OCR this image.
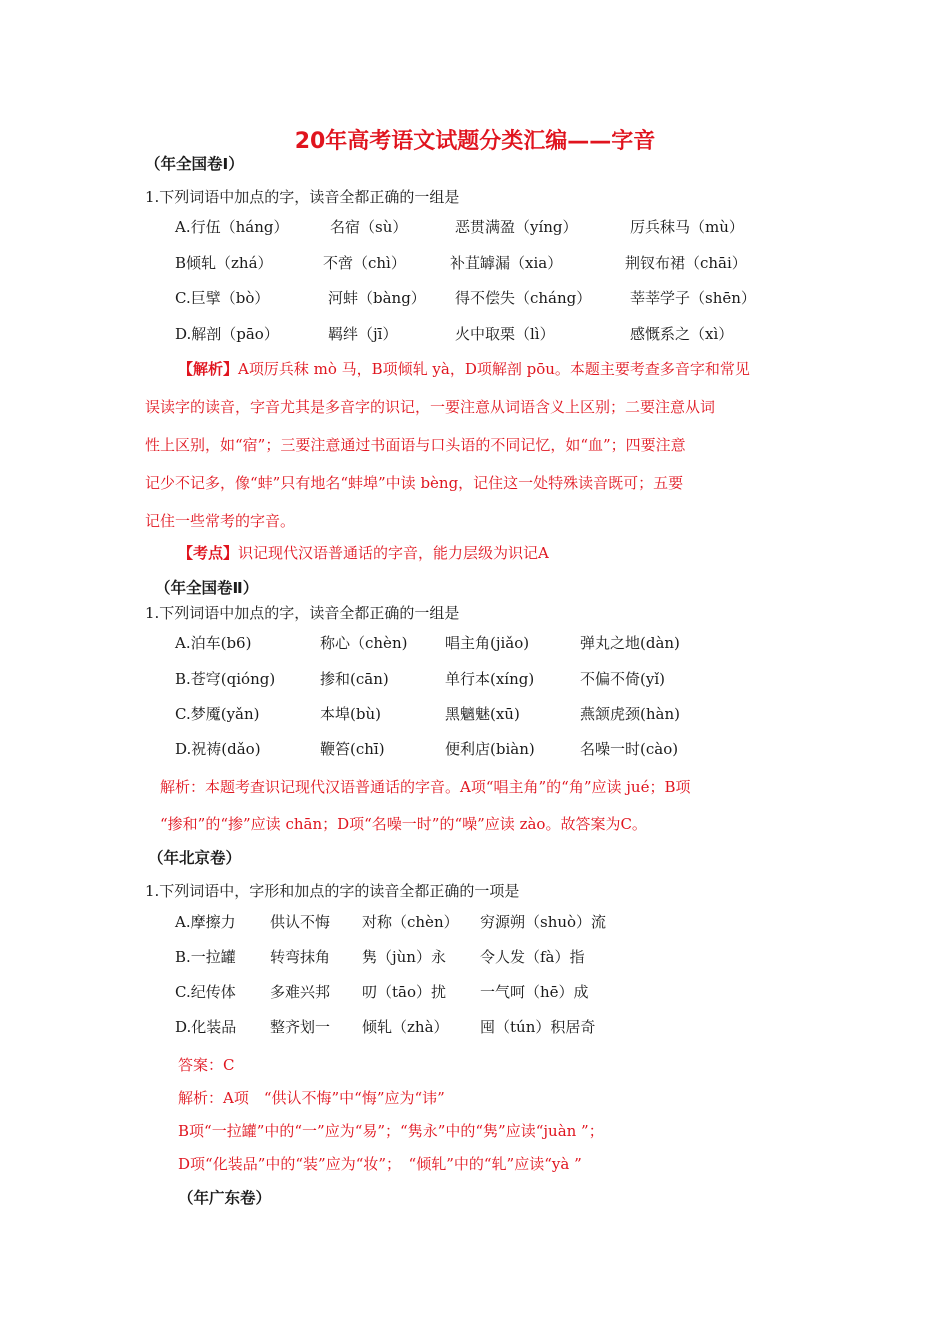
20年高考语文试题分类汇编——字音
（年全国卷Ⅰ）
1.下列词语中加点的字，读音全都正确的一组是
A.行伍（háng）	名宿（sù）	恶贯满盈（yíng）	厉兵秣马（mù）
B倾轧（zhá）	不啻（chì）	补苴罅漏（xia）	荆钗布裙（chāi）
C.巨擘（bò）	河蚌（bàng） 得不偿失（cháng）	莘莘学子（shēn）
D.解剖（pāo）	羁绊（jī）	火中取栗（lì）	感慨系之（xì）
【解析】A项厉兵秣 mò 马，B项倾轧 yà，D项解剖 pōu。本题主要考查多音字和常见
误读字的读音，字音尤其是多音字的识记，一要注意从词语含义上区别；二要注意从词
性上区别，如“宿”；三要注意通过书面语与口头语的不同记忆，如“血”；四要注意
记少不记多，像“蚌”只有地名“蚌埠”中读 bèng，记住这一处特殊读音既可；五要
记住一些常考的字音。
【考点】识记现代汉语普通话的字音，能力层级为识记A
（年全国卷Ⅱ）
1.下列词语中加点的字，读音全都正确的一组是
A.泊车(b6)	称心（chèn)	唱主角(jiǎo)	弹丸之地(dàn)
B.苍穹(qióng)	掺和(cān)	单行本(xíng)	不偏不倚(yǐ)
C.梦魇(yǎn)	本埠(bù)	黑魑魅(xū)	燕颔虎颈(hàn)
D.祝祷(dǎo)	鞭笞(chī)	便利店(biàn)	名噪一时(cào)
解析：本题考查识记现代汉语普通话的字音。A项“唱主角”的“角”应读 jué；B项
“掺和”的“掺”应读 chān；D项“名噪一时”的“噪”应读 zào。故答案为C。
（年北京卷）
1.下列词语中，字形和加点的字的读音全都正确的一项是
A.摩擦力 供认不悔 对称（chèn） 穷源朔（shuò）流
B.一拉罐 转弯抹角 隽（jùn）永 令人发（fà）指
C.纪传体 多难兴邦 叨（tāo）扰 一气呵（hē）成
D.化装品 整齐划一 倾轧（zhà） 囤（tún）积居奇
答案：C
解析：A项　“供认不悔”中“悔”应为“讳”
B项“一拉罐”中的“一”应为“易”；“隽永”中的“隽”应读“juàn ”；
D项“化装品”中的“装”应为“妆”；　“倾轧”中的“轧”应读“yà ”
（年广东卷）
